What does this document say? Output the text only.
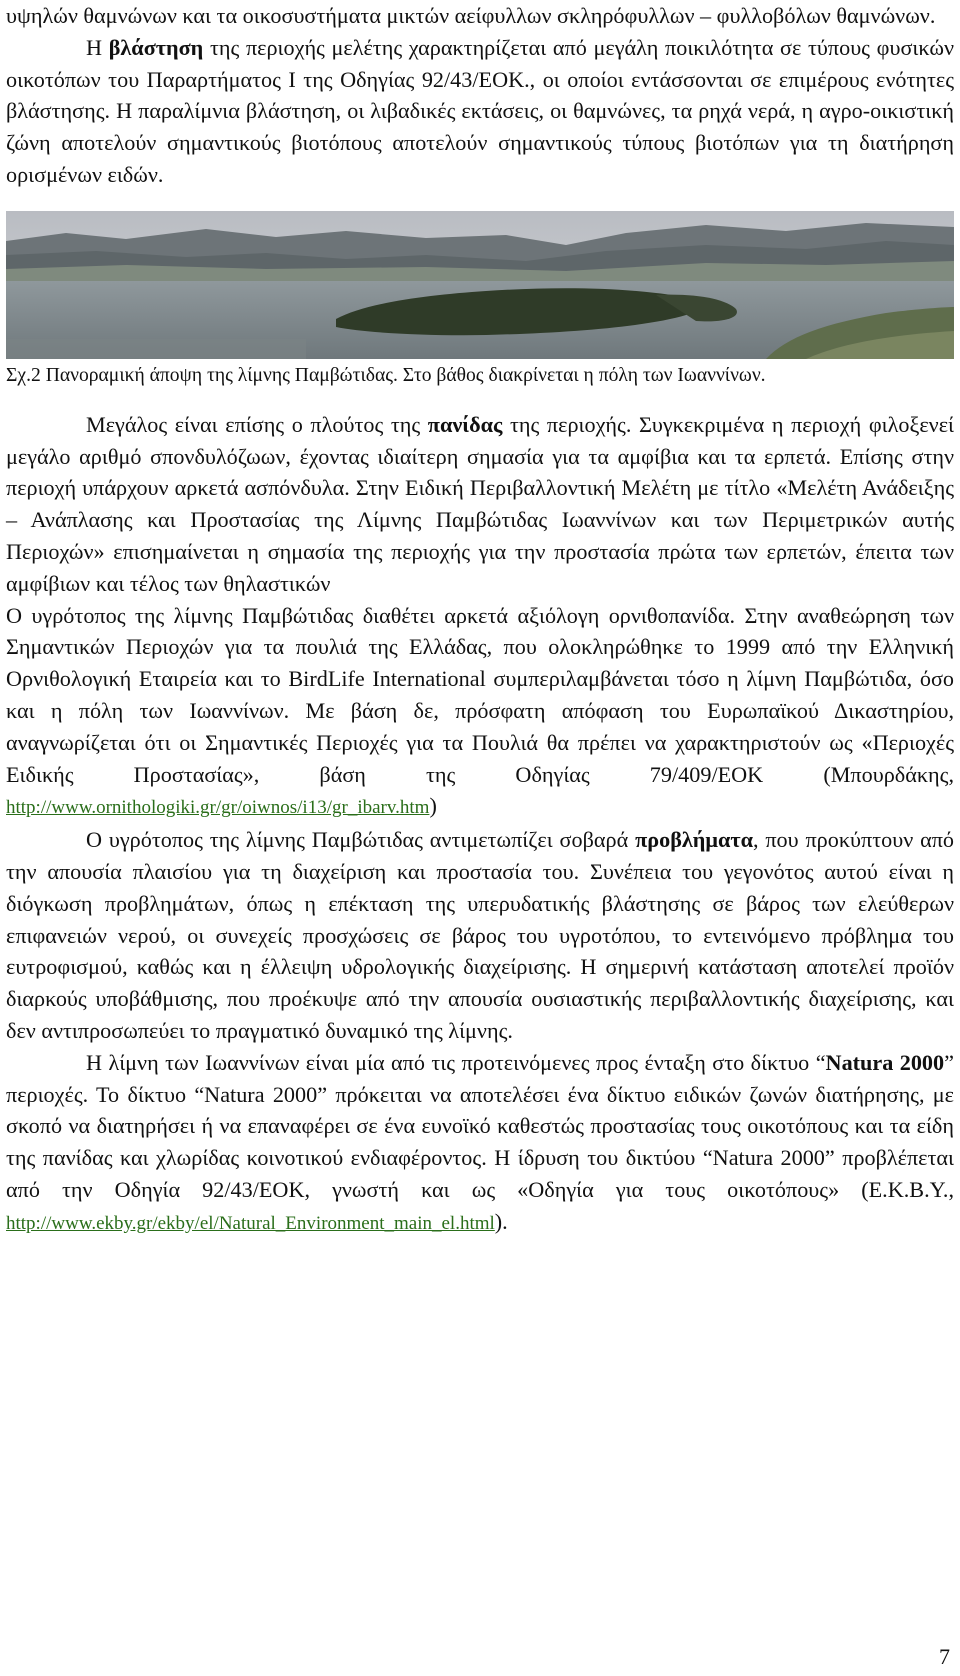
υψηλών θαμνώνων και τα οικοσυστήματα μικτών αείφυλλων σκληρόφυλλων – φυλλοβόλων θαμνώνων.

Η βλάστηση της περιοχής μελέτης χαρακτηρίζεται από μεγάλη ποικιλότητα σε τύπους φυσικών οικοτόπων του Παραρτήματος Ι της Οδηγίας 92/43/ΕΟΚ., οι οποίοι εντάσσονται σε επιμέρους ενότητες βλάστησης. Η παραλίμνια βλάστηση, οι λιβαδικές εκτάσεις, οι θαμνώνες, τα ρηχά νερά, η αγρο-οικιστική ζώνη αποτελούν σημαντικούς βιοτόπους αποτελούν σημαντικούς τύπους βιοτόπων για τη διατήρηση ορισμένων ειδών.

Σχ.2 Πανοραμική άποψη της λίμνης Παμβώτιδας. Στο βάθος διακρίνεται η πόλη των Ιωαννίνων.

Μεγάλος είναι επίσης ο πλούτος της πανίδας της περιοχής. Συγκεκριμένα η περιοχή φιλοξενεί μεγάλο αριθμό σπονδυλόζωων, έχοντας ιδιαίτερη σημασία για τα αμφίβια και τα ερπετά. Επίσης στην περιοχή υπάρχουν αρκετά ασπόνδυλα. Στην Ειδική Περιβαλλοντική Μελέτη με τίτλο «Μελέτη Ανάδειξης – Ανάπλασης και Προστασίας της Λίμνης Παμβώτιδας Ιωαννίνων και των Περιμετρικών αυτής Περιοχών» επισημαίνεται η σημασία της περιοχής για την προστασία πρώτα των ερπετών, έπειτα των αμφίβιων και τέλος των θηλαστικών

Ο υγρότοπος της λίμνης Παμβώτιδας διαθέτει αρκετά αξιόλογη ορνιθοπανίδα. Στην αναθεώρηση των Σημαντικών Περιοχών για τα πουλιά της Ελλάδας, που ολοκληρώθηκε το 1999 από την Ελληνική Ορνιθολογική Εταιρεία και το BirdLife International συμπεριλαμβάνεται τόσο η λίμνη Παμβώτιδα, όσο και η πόλη των Ιωαννίνων. Με βάση δε, πρόσφατη απόφαση του Ευρωπαϊκού Δικαστηρίου, αναγνωρίζεται ότι οι Σημαντικές Περιοχές για τα Πουλιά θα πρέπει να χαρακτηριστούν ως «Περιοχές Ειδικής Προστασίας», βάση της Οδηγίας 79/409/ΕΟΚ (Μπουρδάκης, http://www.ornithologiki.gr/gr/oiwnos/i13/gr_ibarv.htm)

Ο υγρότοπος της λίμνης Παμβώτιδας αντιμετωπίζει σοβαρά προβλήματα, που προκύπτουν από την απουσία πλαισίου για τη διαχείριση και προστασία του. Συνέπεια του γεγονότος αυτού είναι η διόγκωση προβλημάτων, όπως η επέκταση της υπερυδατικής βλάστησης σε βάρος των ελεύθερων επιφανειών νερού, οι συνεχείς προσχώσεις σε βάρος του υγροτόπου, το εντεινόμενο πρόβλημα του ευτροφισμού, καθώς και η έλλειψη υδρολογικής διαχείρισης. Η σημερινή κατάσταση αποτελεί προϊόν διαρκούς υποβάθμισης, που προέκυψε από την απουσία ουσιαστικής περιβαλλοντικής διαχείρισης, και δεν αντιπροσωπεύει το πραγματικό δυναμικό της λίμνης.

Η λίμνη των Ιωαννίνων είναι μία από τις προτεινόμενες προς ένταξη στο δίκτυο “Natura 2000” περιοχές. Το δίκτυο “Natura 2000” πρόκειται να αποτελέσει ένα δίκτυο ειδικών ζωνών διατήρησης, με σκοπό να διατηρήσει ή να επαναφέρει σε ένα ευνοϊκό καθεστώς προστασίας τους οικοτόπους και τα είδη της πανίδας και χλωρίδας κοινοτικού ενδιαφέροντος. Η ίδρυση του δικτύου “Natura 2000” προβλέπεται από την Οδηγία 92/43/ΕΟΚ, γνωστή και ως «Οδηγία για τους οικοτόπους» (Ε.Κ.Β.Υ., http://www.ekby.gr/ekby/el/Natural_Environment_main_el.html).

7
